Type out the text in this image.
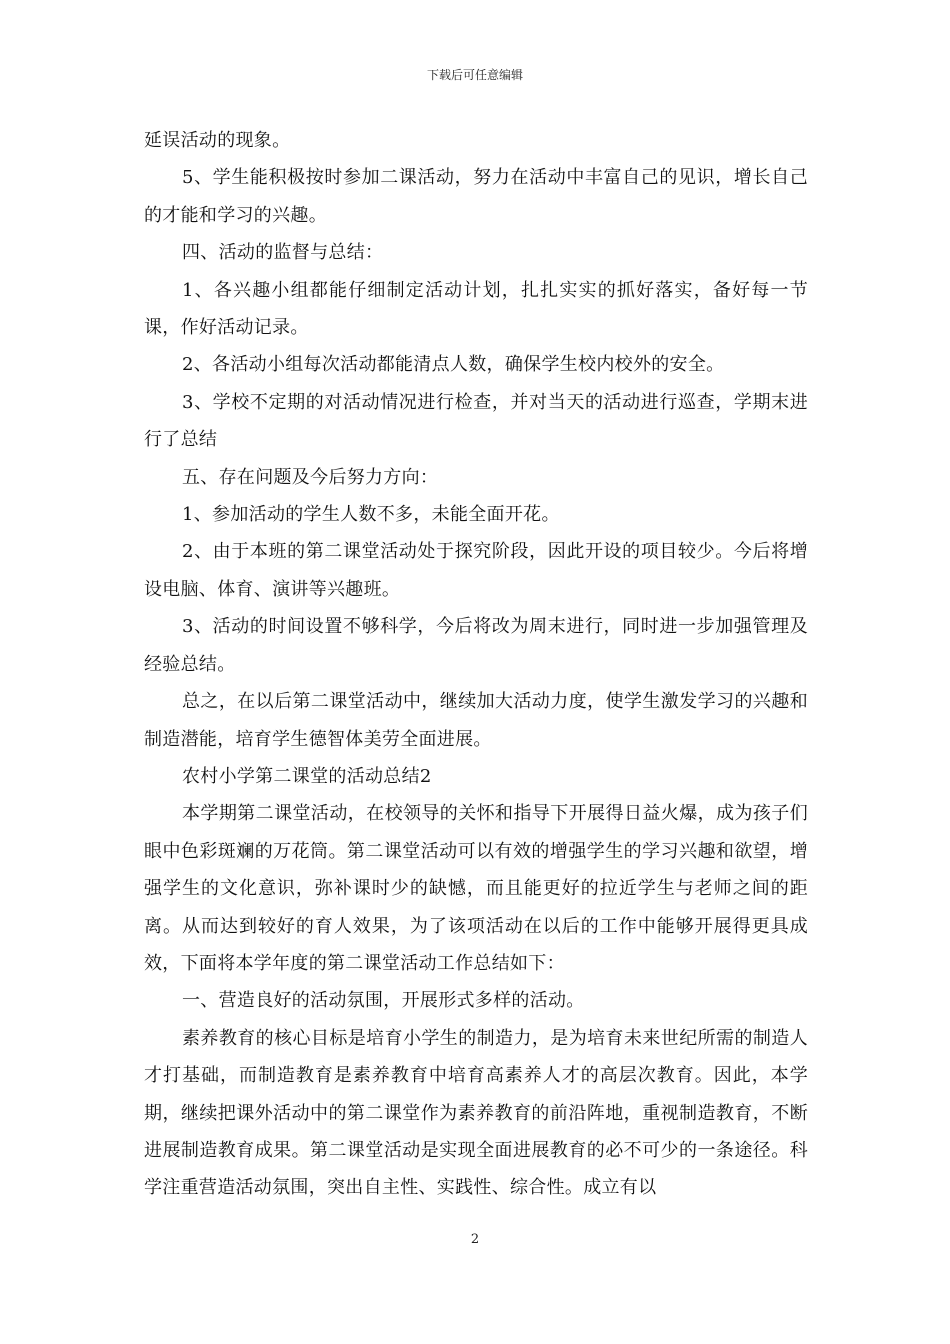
下载后可任意编辑

延误活动的现象。

5、学生能积极按时参加二课活动，努力在活动中丰富自己的见识，增长自己的才能和学习的兴趣。

四、活动的监督与总结：

1、各兴趣小组都能仔细制定活动计划，扎扎实实的抓好落实，备好每一节课，作好活动记录。

2、各活动小组每次活动都能清点人数，确保学生校内校外的安全。

3、学校不定期的对活动情况进行检查，并对当天的活动进行巡查，学期末进行了总结

五、存在问题及今后努力方向：

1、参加活动的学生人数不多，未能全面开花。

2、由于本班的第二课堂活动处于探究阶段，因此开设的项目较少。今后将增设电脑、体育、演讲等兴趣班。

3、活动的时间设置不够科学，今后将改为周末进行，同时进一步加强管理及经验总结。

总之，在以后第二课堂活动中，继续加大活动力度，使学生激发学习的兴趣和制造潜能，培育学生德智体美劳全面进展。

农村小学第二课堂的活动总结2

本学期第二课堂活动，在校领导的关怀和指导下开展得日益火爆，成为孩子们眼中色彩斑斓的万花筒。第二课堂活动可以有效的增强学生的学习兴趣和欲望，增强学生的文化意识，弥补课时少的缺憾，而且能更好的拉近学生与老师之间的距离。从而达到较好的育人效果，为了该项活动在以后的工作中能够开展得更具成效，下面将本学年度的第二课堂活动工作总结如下：

一、营造良好的活动氛围，开展形式多样的活动。

素养教育的核心目标是培育小学生的制造力，是为培育未来世纪所需的制造人才打基础，而制造教育是素养教育中培育高素养人才的高层次教育。因此，本学期，继续把课外活动中的第二课堂作为素养教育的前沿阵地，重视制造教育，不断进展制造教育成果。第二课堂活动是实现全面进展教育的必不可少的一条途径。科学注重营造活动氛围，突出自主性、实践性、综合性。成立有以

2
